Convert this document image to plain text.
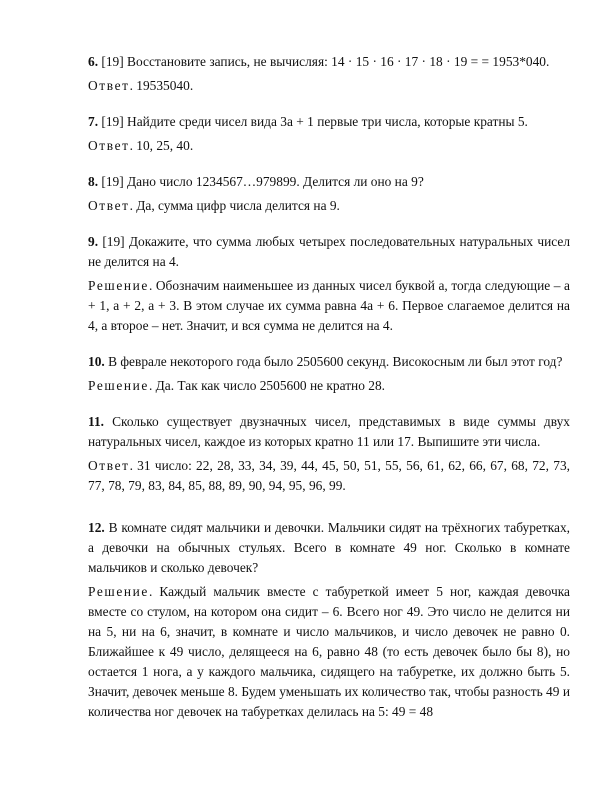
6. [19] Восстановите запись, не вычисляя: 14 · 15 · 16 · 17 · 18 · 19 = = 1953*040.

Ответ. 19535040.

7. [19] Найдите среди чисел вида 3a + 1 первые три числа, которые кратны 5.

Ответ. 10, 25, 40.

8. [19] Дано число 1234567…979899. Делится ли оно на 9?

Ответ. Да, сумма цифр числа делится на 9.

9. [19] Докажите, что сумма любых четырех последовательных натуральных чисел не делится на 4.

Решение. Обозначим наименьшее из данных чисел буквой a, тогда следующие – a + 1, a + 2, a + 3. В этом случае их сумма равна 4a + 6. Первое слагаемое делится на 4, а второе – нет. Значит, и вся сумма не делится на 4.

10. В феврале некоторого года было 2505600 секунд. Високосным ли был этот год?

Решение. Да. Так как число 2505600 не кратно 28.

11. Сколько существует двузначных чисел, представимых в виде суммы двух натуральных чисел, каждое из которых кратно 11 или 17. Выпишите эти числа.

Ответ. 31 число: 22, 28, 33, 34, 39, 44, 45, 50, 51, 55, 56, 61, 62, 66, 67, 68, 72, 73, 77, 78, 79, 83, 84, 85, 88, 89, 90, 94, 95, 96, 99.

12. В комнате сидят мальчики и девочки. Мальчики сидят на трёхногих табуретках, а девочки на обычных стульях. Всего в комнате 49 ног. Сколько в комнате мальчиков и сколько девочек?

Решение. Каждый мальчик вместе с табуреткой имеет 5 ног, каждая девочка вместе со стулом, на котором она сидит – 6. Всего ног 49. Это число не делится ни на 5, ни на 6, значит, в комнате и число мальчиков, и число девочек не равно 0. Ближайшее к 49 число, делящееся на 6, равно 48 (то есть девочек было бы 8), но остается 1 нога, а у каждого мальчика, сидящего на табуретке, их должно быть 5. Значит, девочек меньше 8. Будем уменьшать их количество так, чтобы разность 49 и количества ног девочек на табуретках делилась на 5: 49 = 48
